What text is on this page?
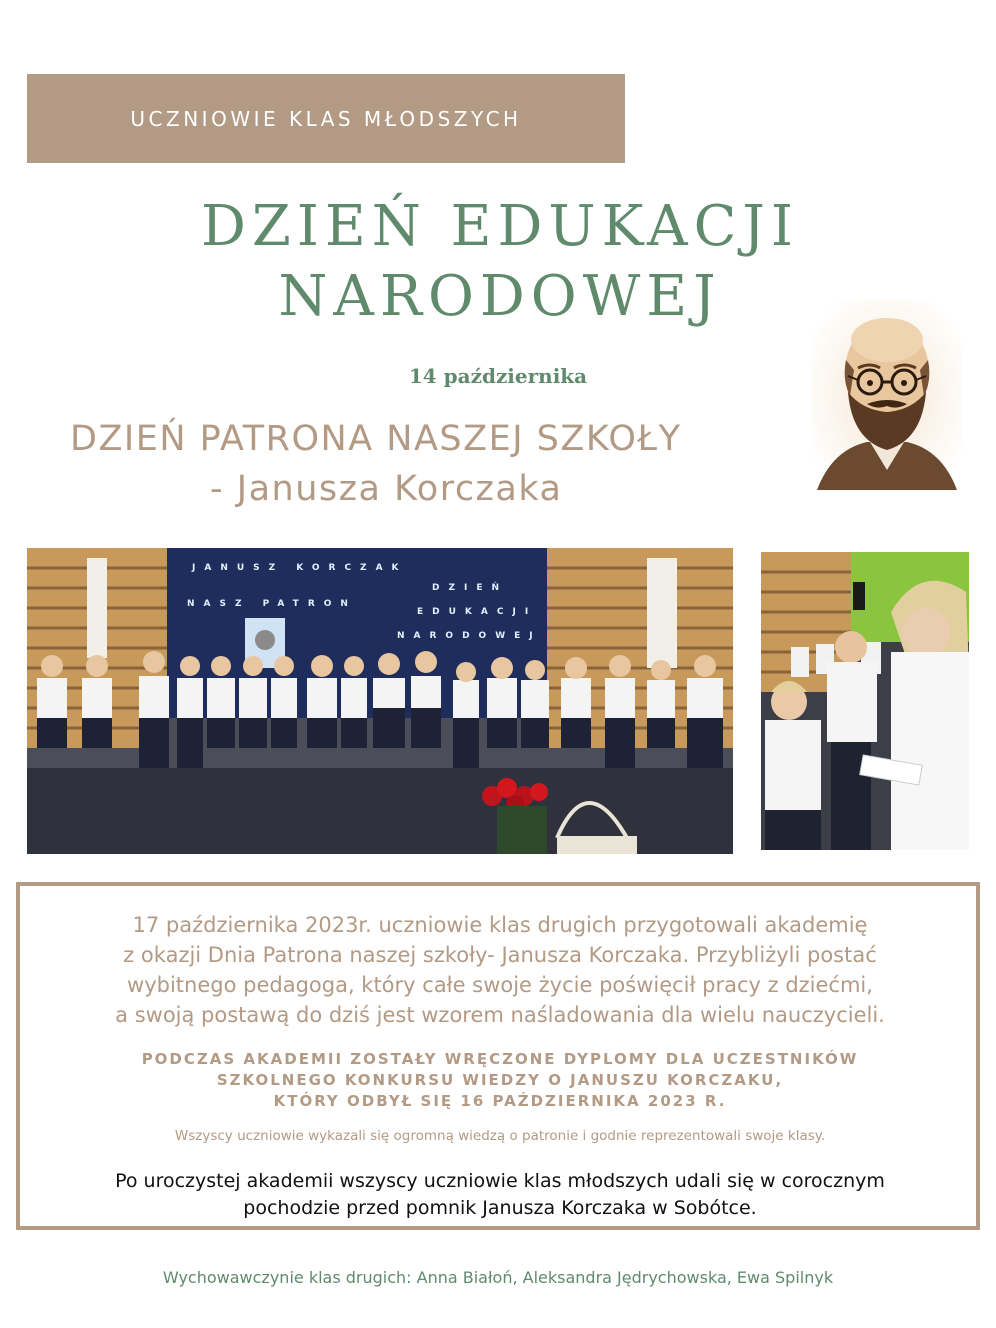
UCZNIOWIE KLAS MŁODSZYCH
DZIEŃ EDUKACJI
NARODOWEJ
14 października
DZIEŃ PATRONA NASZEJ SZKOŁY
- Janusza Korczaka
JANUSZ KORCZAK
NASZ PATRON
DZIEŃ
EDUKACJI
NARODOWEJ
17 października 2023r. uczniowie klas drugich przygotowali akademię
z okazji Dnia Patrona naszej szkoły- Janusza Korczaka. Przybliżyli postać
wybitnego pedagoga, który całe swoje życie poświęcił pracy z dziećmi,
a swoją postawą do dziś jest wzorem naśladowania dla wielu nauczycieli.
PODCZAS AKADEMII ZOSTAŁY WRĘCZONE DYPLOMY DLA UCZESTNIKÓW
SZKOLNEGO KONKURSU WIEDZY O JANUSZU KORCZAKU,
KTÓRY ODBYŁ SIĘ 16 PAŹDZIERNIKA 2023 R.
Wszyscy uczniowie wykazali się ogromną wiedzą o patronie i godnie reprezentowali swoje klasy.
Po uroczystej akademii wszyscy uczniowie klas młodszych udali się w corocznym
pochodzie przed pomnik Janusza Korczaka w Sobótce.
Wychowawczynie klas drugich: Anna Białoń, Aleksandra Jędrychowska, Ewa Spilnyk
